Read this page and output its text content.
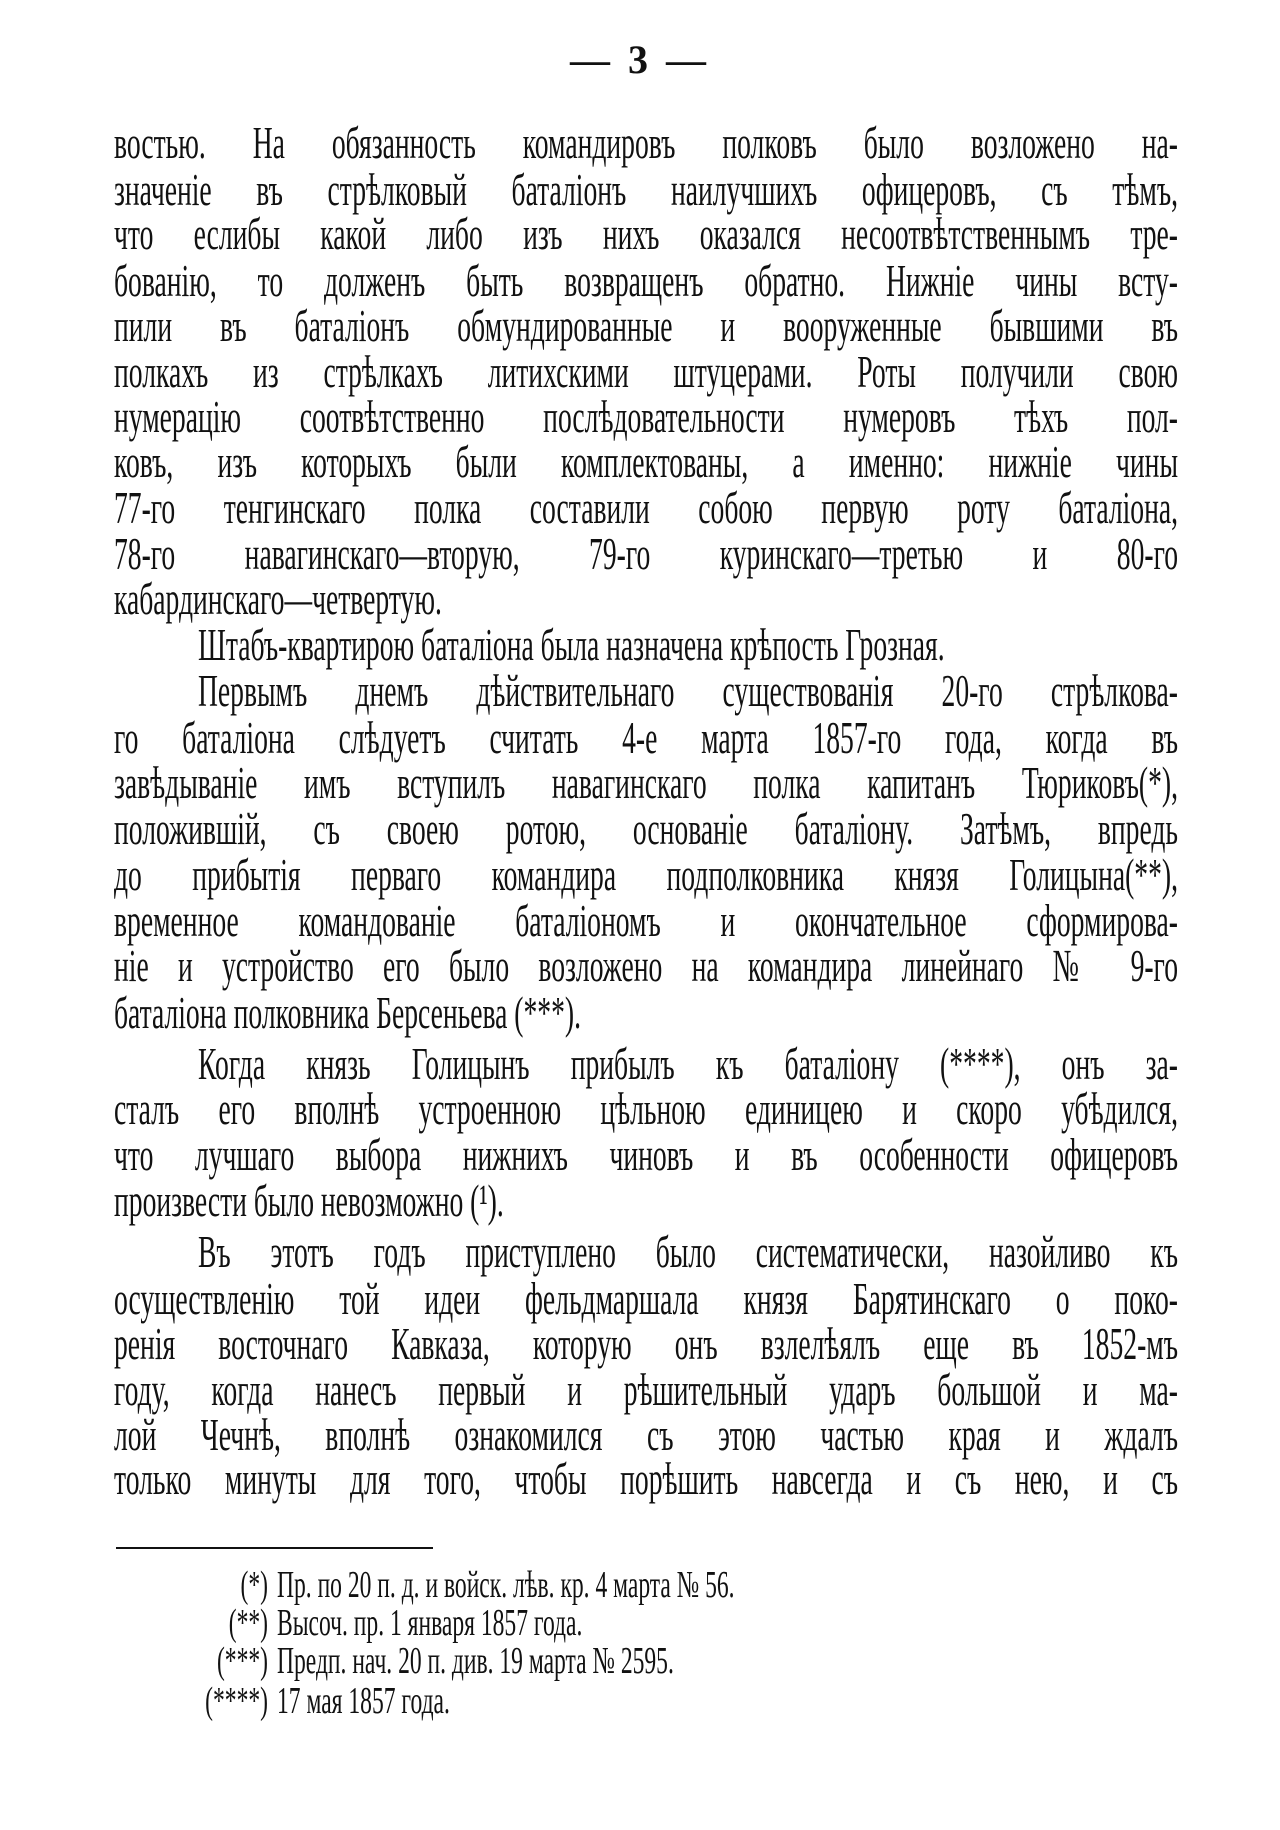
— 3 —
востью. На обязанность командировъ полковъ было возложено на-
значеніе въ стрѣлковый баталіонъ наилучшихъ офицеровъ, съ тѣмъ,
что еслибы какой либо изъ нихъ оказался несоотвѣтственнымъ тре-
бованію, то долженъ быть возвращенъ обратно. Нижніе чины всту-
пили въ баталіонъ обмундированные и вооруженные бывшими въ
полкахъ из стрѣлкахъ литихскими штуцерами. Роты получили свою
нумерацію соотвѣтственно послѣдовательности нумеровъ тѣхъ пол-
ковъ, изъ которыхъ были комплектованы, а именно: нижніе чины
77-го тенгинскаго полка составили собою первую роту баталіона,
78-го навагинскаго—вторую, 79-го куринскаго—третью и 80-го
кабардинскаго—четвертую.
Штабъ-квартирою баталіона была назначена крѣпость Грозная.
Первымъ днемъ дѣйствительнаго существованія 20-го стрѣлкова-
го баталіона слѣдуетъ считать 4-е марта 1857-го года, когда въ
завѣдываніе имъ вступилъ навагинскаго полка капитанъ Тюриковъ(*),
положившій, съ своею ротою, основаніе баталіону. Затѣмъ, впредь
до прибытія перваго командира подполковника князя Голицына(**),
временное командованіе баталіономъ и окончательное сформирова-
ніе и устройство его было возложено на командира линейнаго № 9-го
баталіона полковника Берсеньева (***).
Когда князь Голицынъ прибылъ къ баталіону (****), онъ за-
сталъ его вполнѣ устроенною цѣльною единицею и скоро убѣдился,
что лучшаго выбора нижнихъ чиновъ и въ особенности офицеровъ
произвести было невозможно (¹).
Въ этотъ годъ приступлено было систематически, назойливо къ
осуществленію той идеи фельдмаршала князя Барятинскаго о поко-
ренія восточнаго Кавказа, которую онъ взлелѣялъ еще въ 1852-мъ
году, когда нанесъ первый и рѣшительный ударъ большой и ма-
лой Чечнѣ, вполнѣ ознакомился съ этою частью края и ждалъ
только минуты для того, чтобы порѣшить навсегда и съ нею, и съ
(*) Пр. по 20 п. д. и войск. лѣв. кр. 4 марта № 56.
(**) Высоч. пр. 1 января 1857 года.
(***) Предп. нач. 20 п. див. 19 марта № 2595.
(****) 17 мая 1857 года.
